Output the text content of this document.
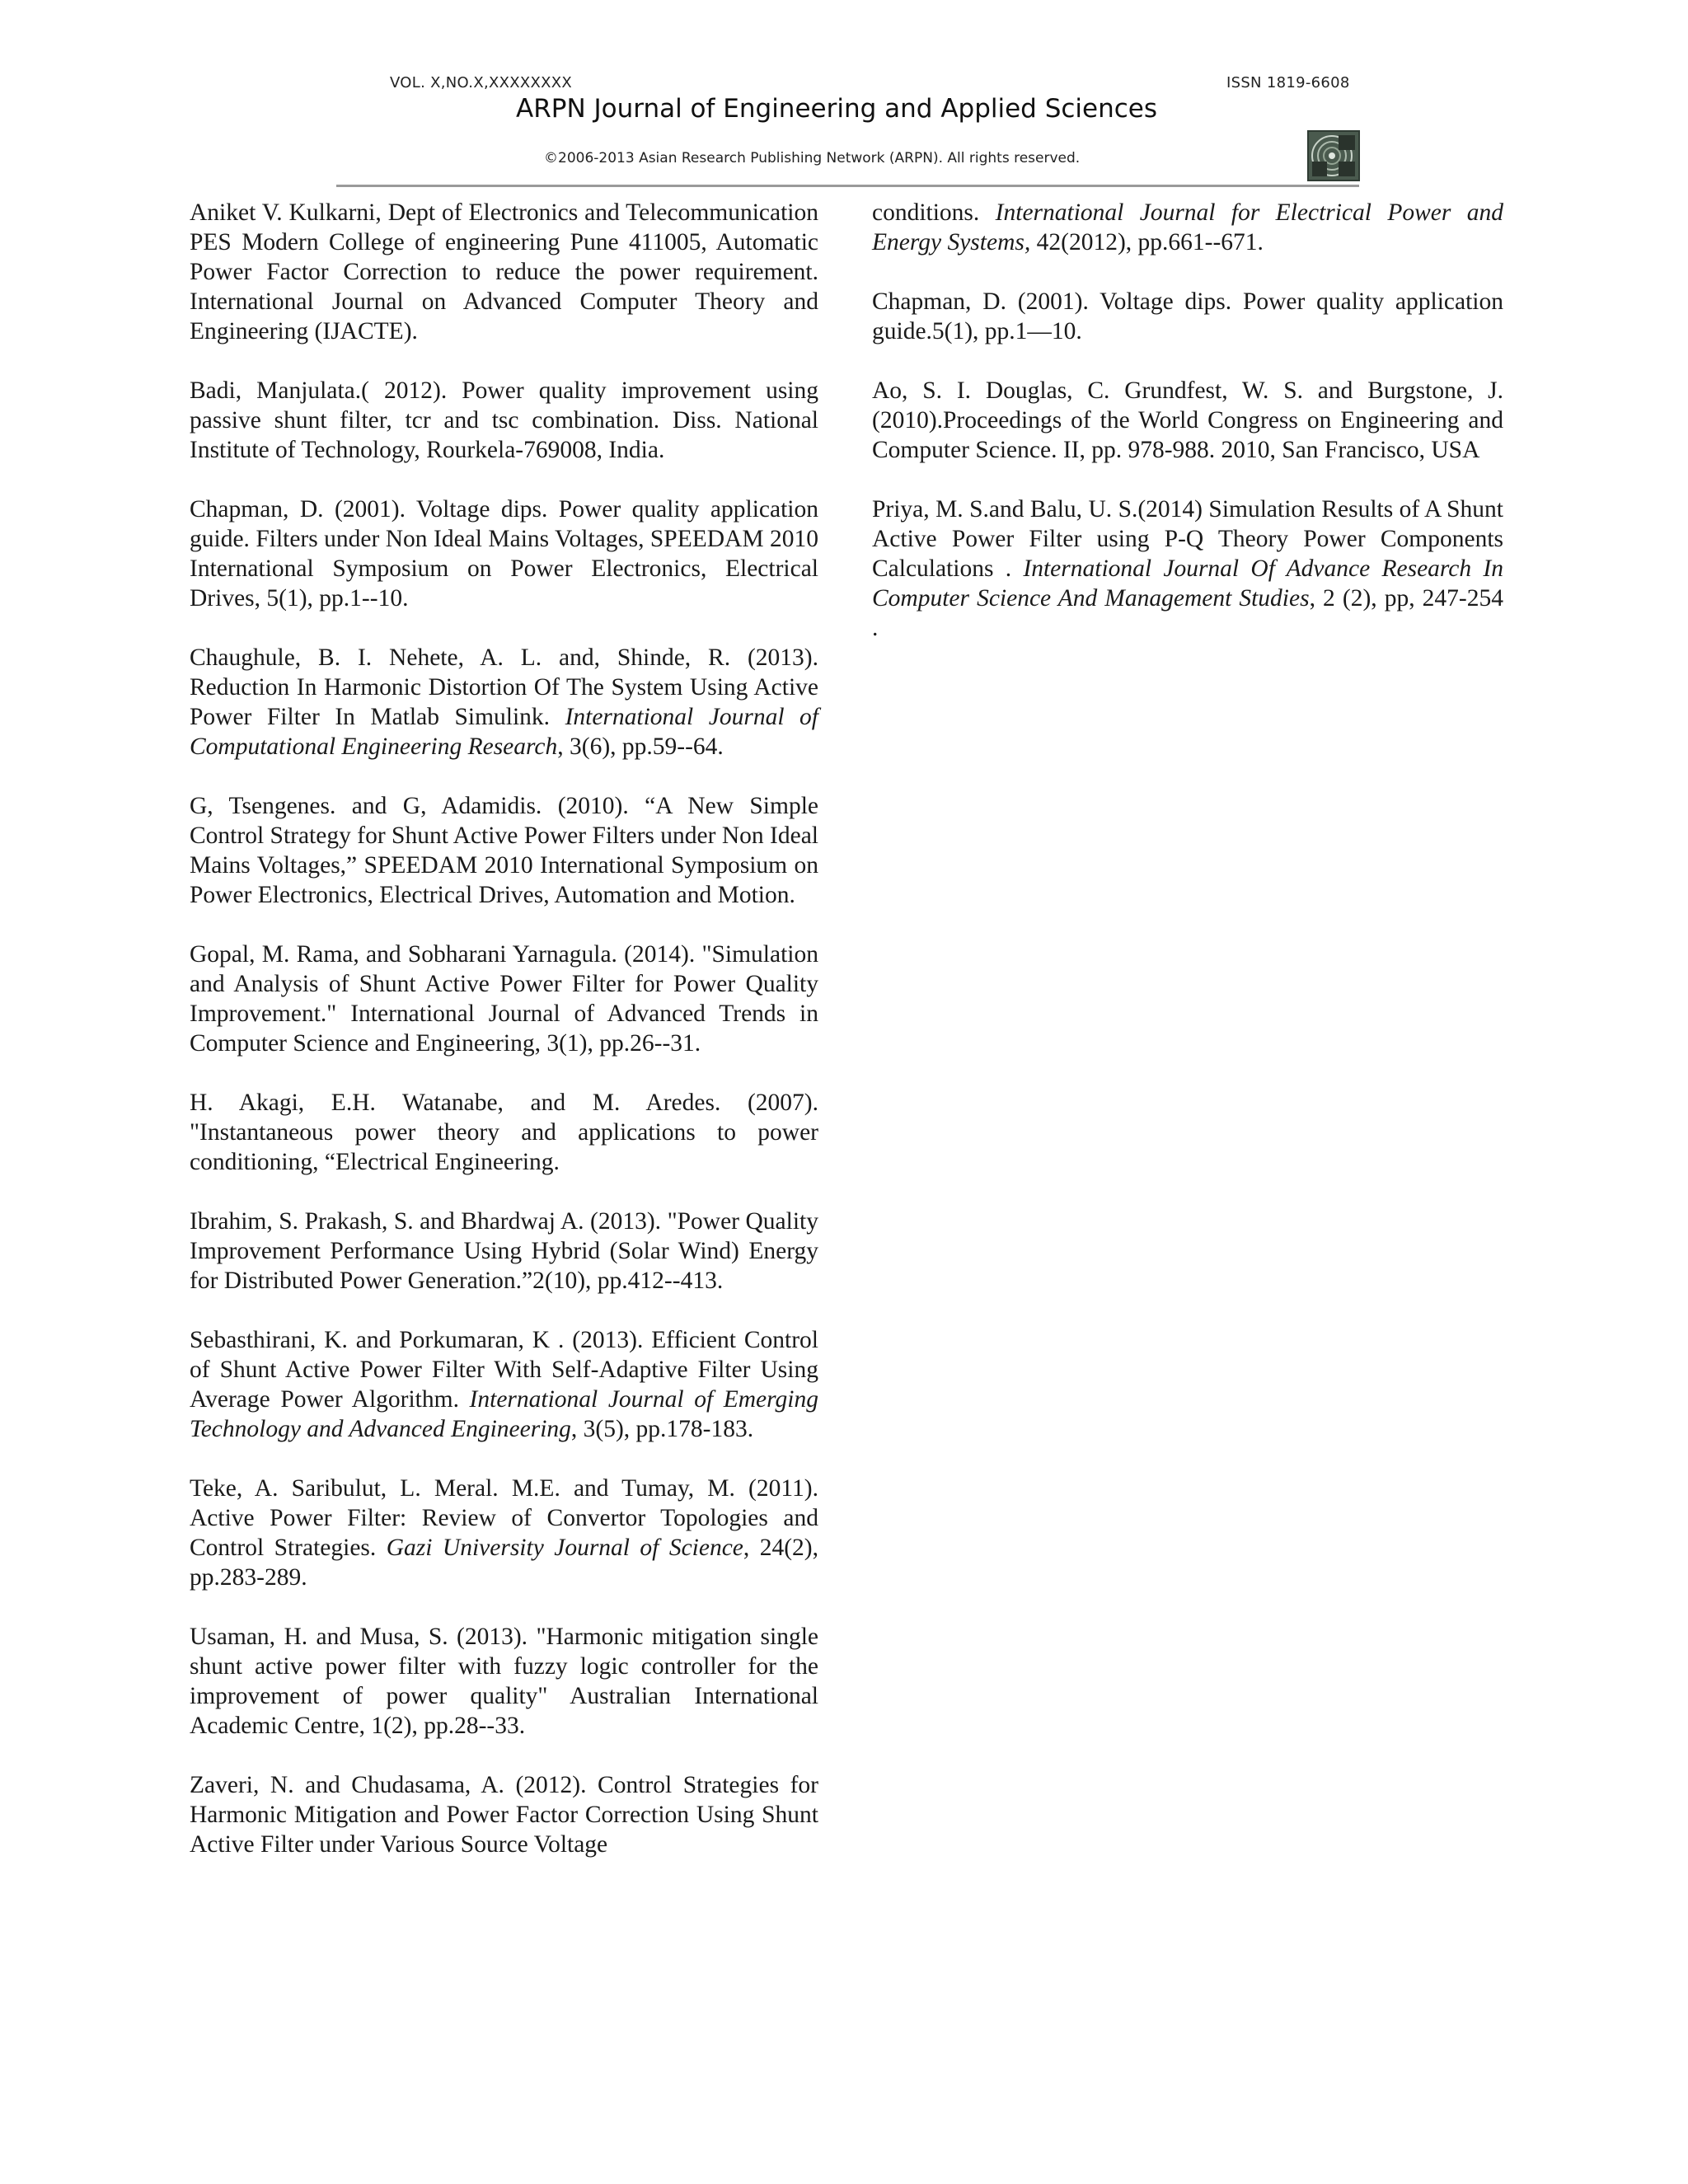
VOL. X,NO.X,XXXXXXXX	ISSN 1819-6608
ARPN Journal of Engineering and Applied Sciences
©2006-2013 Asian Research Publishing Network (ARPN). All rights reserved.

Aniket V. Kulkarni, Dept of Electronics and Telecommunication PES Modern College of engineering Pune 411005, Automatic Power Factor Correction to reduce the power requirement. International Journal on Advanced Computer Theory and Engineering (IJACTE).

Badi, Manjulata.( 2012). Power quality improvement using passive shunt filter, tcr and tsc combination. Diss. National Institute of Technology, Rourkela-769008, India.

Chapman, D. (2001). Voltage dips. Power quality application guide. Filters under Non Ideal Mains Voltages, SPEEDAM 2010 International Symposium on Power Electronics, Electrical Drives, 5(1), pp.1--10.

Chaughule, B. I. Nehete, A. L. and, Shinde, R. (2013). Reduction In Harmonic Distortion Of The System Using Active Power Filter In Matlab Simulink. International Journal of Computational Engineering Research, 3(6), pp.59--64.

G, Tsengenes. and G, Adamidis. (2010). “A New Simple Control Strategy for Shunt Active Power Filters under Non Ideal Mains Voltages,” SPEEDAM 2010 International Symposium on Power Electronics, Electrical Drives, Automation and Motion.

Gopal, M. Rama, and Sobharani Yarnagula. (2014). "Simulation and Analysis of Shunt Active Power Filter for Power Quality Improvement." International Journal of Advanced Trends in Computer Science and Engineering, 3(1), pp.26--31.

H. Akagi, E.H. Watanabe, and M. Aredes. (2007). "Instantaneous power theory and applications to power conditioning, “Electrical Engineering.

Ibrahim, S. Prakash, S. and Bhardwaj A. (2013). "Power Quality Improvement Performance Using Hybrid (Solar Wind) Energy for Distributed Power Generation.”2(10), pp.412--413.

Sebasthirani, K. and Porkumaran, K . (2013). Efficient Control of Shunt Active Power Filter With Self-Adaptive Filter Using Average Power Algorithm. International Journal of Emerging Technology and Advanced Engineering, 3(5), pp.178-183.

Teke, A. Saribulut, L. Meral. M.E. and Tumay, M. (2011). Active Power Filter: Review of Convertor Topologies and Control Strategies. Gazi University Journal of Science, 24(2), pp.283-289.

Usaman, H. and Musa, S. (2013). "Harmonic mitigation single shunt active power filter with fuzzy logic controller for the improvement of power quality" Australian International Academic Centre, 1(2), pp.28--33.

Zaveri, N. and Chudasama, A. (2012). Control Strategies for Harmonic Mitigation and Power Factor Correction Using Shunt Active Filter under Various Source Voltage

conditions. International Journal for Electrical Power and Energy Systems, 42(2012), pp.661--671.

Chapman, D. (2001). Voltage dips. Power quality application guide.5(1), pp.1—10.

Ao, S. I. Douglas, C. Grundfest, W. S. and Burgstone, J. (2010).Proceedings of the World Congress on Engineering and Computer Science. II, pp. 978-988. 2010, San Francisco, USA

Priya, M. S.and Balu, U. S.(2014) Simulation Results of A Shunt Active Power Filter using P-Q Theory Power Components Calculations . International Journal Of Advance Research In Computer Science And Management Studies, 2 (2), pp, 247-254 .
